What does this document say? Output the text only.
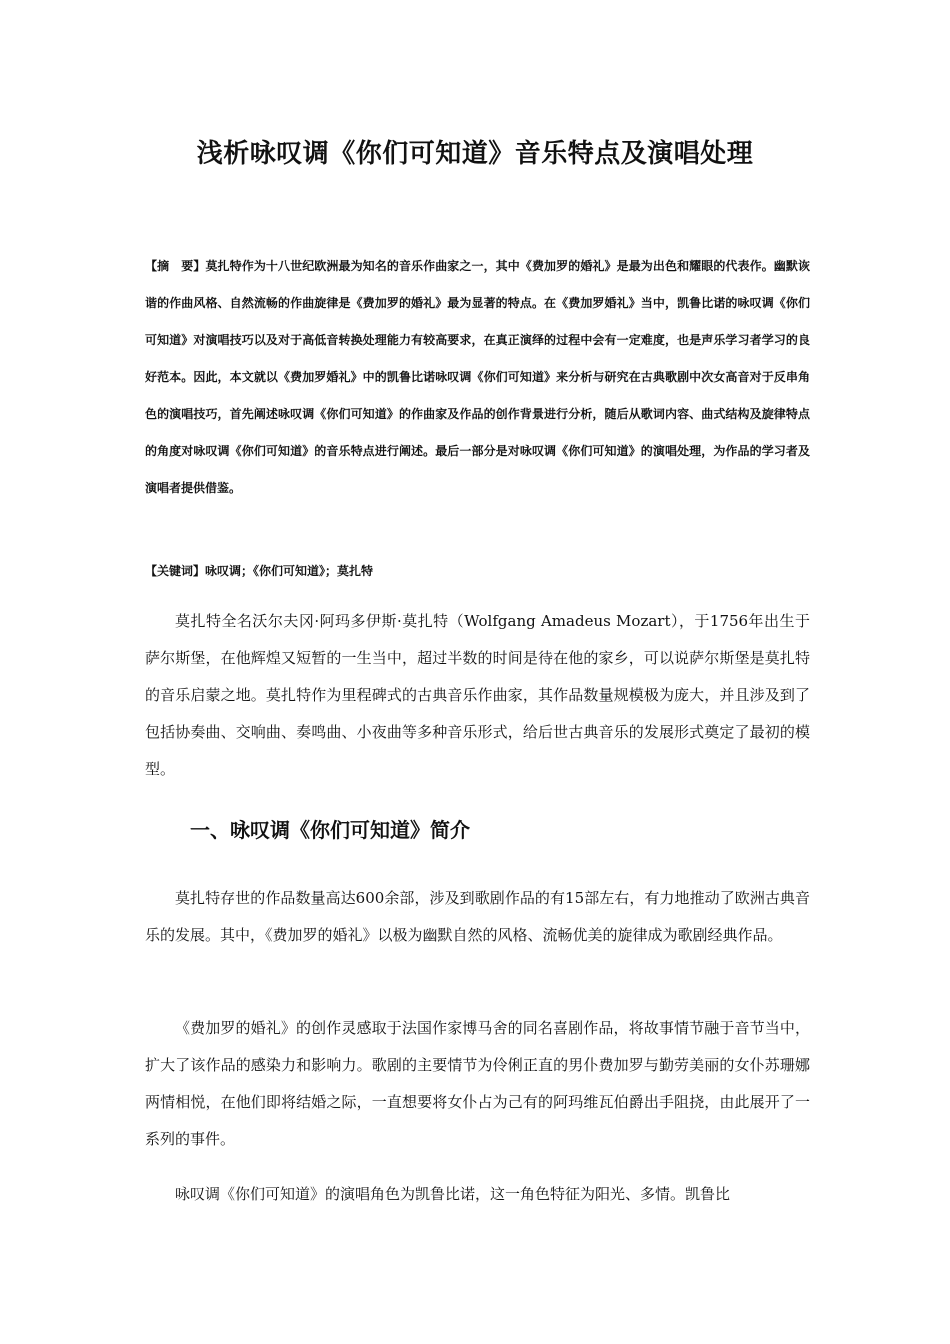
浅析咏叹调《你们可知道》音乐特点及演唱处理

【摘　要】莫扎特作为十八世纪欧洲最为知名的音乐作曲家之一，其中《费加罗的婚礼》是最为出色和耀眼的代表作。幽默诙谐的作曲风格、自然流畅的作曲旋律是《费加罗的婚礼》最为显著的特点。在《费加罗婚礼》当中，凯鲁比诺的咏叹调《你们可知道》对演唱技巧以及对于高低音转换处理能力有较高要求，在真正演绎的过程中会有一定难度，也是声乐学习者学习的良好范本。因此，本文就以《费加罗婚礼》中的凯鲁比诺咏叹调《你们可知道》来分析与研究在古典歌剧中次女高音对于反串角色的演唱技巧，首先阐述咏叹调《你们可知道》的作曲家及作品的创作背景进行分析，随后从歌词内容、曲式结构及旋律特点的角度对咏叹调《你们可知道》的音乐特点进行阐述。最后一部分是对咏叹调《你们可知道》的演唱处理，为作品的学习者及演唱者提供借鉴。

【关键词】咏叹调；《你们可知道》；莫扎特

莫扎特全名沃尔夫冈·阿玛多伊斯·莫扎特（Wolfgang Amadeus Mozart），于1756年出生于萨尔斯堡，在他辉煌又短暂的一生当中，超过半数的时间是待在他的家乡，可以说萨尔斯堡是莫扎特的音乐启蒙之地。莫扎特作为里程碑式的古典音乐作曲家，其作品数量规模极为庞大，并且涉及到了包括协奏曲、交响曲、奏鸣曲、小夜曲等多种音乐形式，给后世古典音乐的发展形式奠定了最初的模型。

一、咏叹调《你们可知道》简介

莫扎特存世的作品数量高达600余部，涉及到歌剧作品的有15部左右，有力地推动了欧洲古典音乐的发展。其中，《费加罗的婚礼》以极为幽默自然的风格、流畅优美的旋律成为歌剧经典作品。

《费加罗的婚礼》的创作灵感取于法国作家博马舍的同名喜剧作品，将故事情节融于音节当中，扩大了该作品的感染力和影响力。歌剧的主要情节为伶俐正直的男仆费加罗与勤劳美丽的女仆苏珊娜两情相悦，在他们即将结婚之际，一直想要将女仆占为己有的阿玛维瓦伯爵出手阻挠，由此展开了一系列的事件。

咏叹调《你们可知道》的演唱角色为凯鲁比诺，这一角色特征为阳光、多情。凯鲁比
